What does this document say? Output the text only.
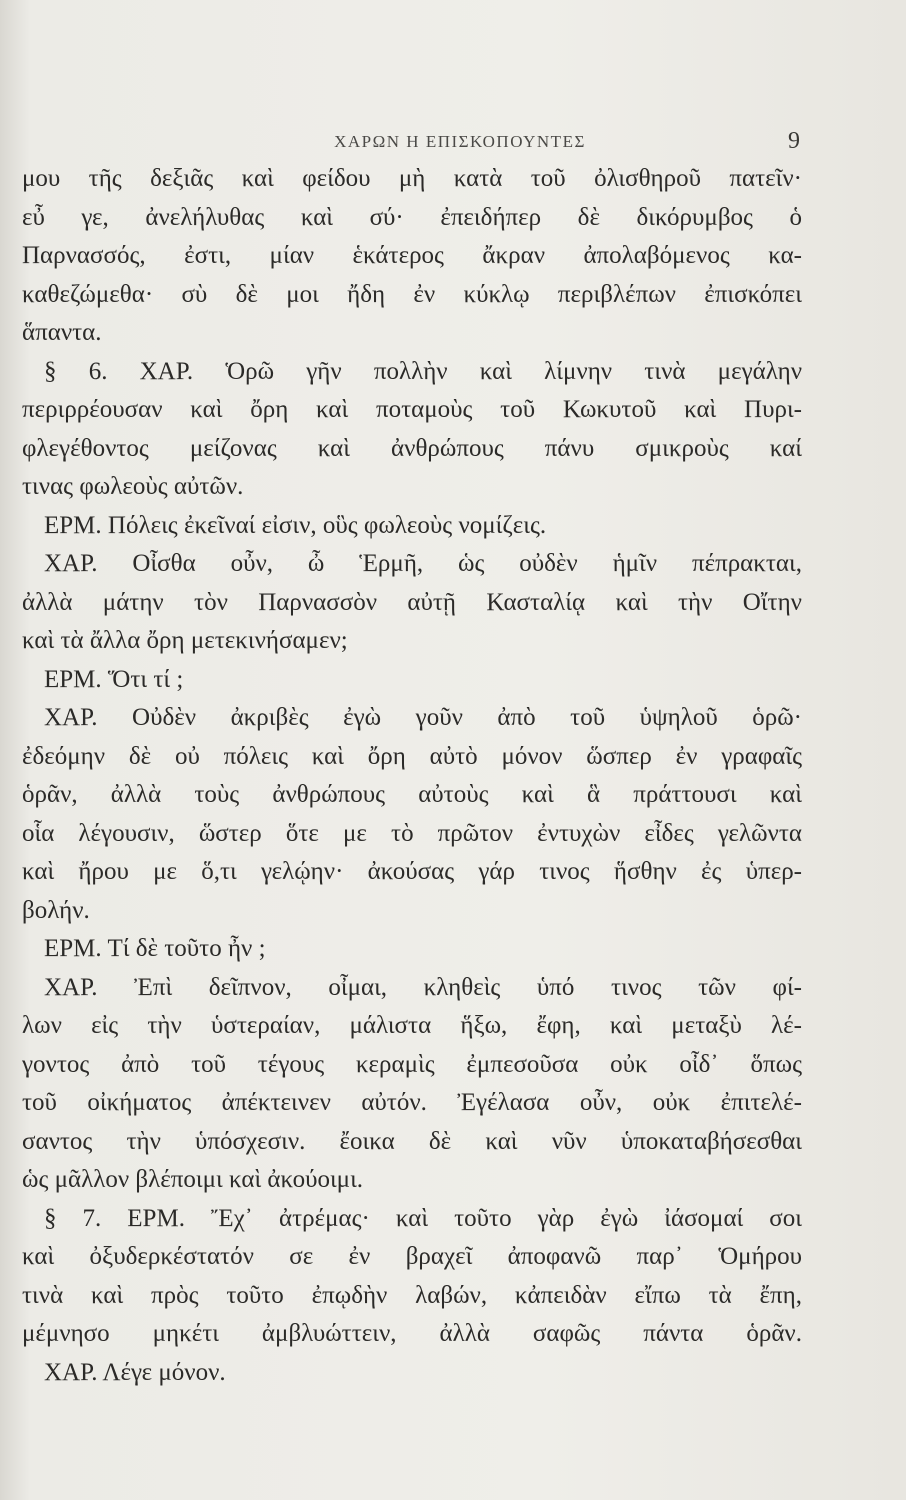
ΧΑΡΩΝ Η ΕΠΙΣΚΟΠΟΥΝΤΕΣ	9
μου τῆς δεξιᾶς καὶ φείδου μὴ κατὰ τοῦ ὀλισθηροῦ πατεῖν·
εὖ γε, ἀνελήλυθας καὶ σύ· ἐπειδήπερ δὲ δικόρυμβος ὁ
Παρνασσός, ἐστι, μίαν ἑκάτερος ἄκραν ἀπολαβόμενος κα-
καθεζώμεθα· σὺ δὲ μοι ἤδη ἐν κύκλῳ περιβλέπων ἐπισκόπει
ἅπαντα.
§ 6. ΧΑΡ. Ὁρῶ γῆν πολλὴν καὶ λίμνην τινὰ μεγάλην
περιρρέουσαν καὶ ὄρη καὶ ποταμοὺς τοῦ Κωκυτοῦ καὶ Πυρι-
φλεγέθοντος μείζονας καὶ ἀνθρώπους πάνυ σμικροὺς καί
τινας φωλεοὺς αὐτῶν.
ΕΡΜ. Πόλεις ἐκεῖναί εἰσιν, οὓς φωλεοὺς νομίζεις.
ΧΑΡ. Οἶσθα οὖν, ὦ Ἑρμῆ, ὡς οὐδὲν ἡμῖν πέπρακται,
ἀλλὰ μάτην τὸν Παρνασσὸν αὐτῇ Κασταλίᾳ καὶ τὴν Οἴτην
καὶ τὰ ἄλλα ὄρη μετεκινήσαμεν;
ΕΡΜ. Ὅτι τί ;
ΧΑΡ. Οὐδὲν ἀκριβὲς ἐγὼ γοῦν ἀπὸ τοῦ ὑψηλοῦ ὁρῶ·
ἐδεόμην δὲ οὐ πόλεις καὶ ὄρη αὐτὸ μόνον ὥσπερ ἐν γραφαῖς
ὁρᾶν, ἀλλὰ τοὺς ἀνθρώπους αὐτοὺς καὶ ἃ πράττουσι καὶ
οἷα λέγουσιν, ὥστερ ὅτε με τὸ πρῶτον ἐντυχὼν εἶδες γελῶντα
καὶ ἤρου με ὅ,τι γελῴην· ἀκούσας γάρ τινος ἥσθην ἐς ὑπερ-
βολήν.
ΕΡΜ. Τί δὲ τοῦτο ἦν ;
ΧΑΡ. Ἐπὶ δεῖπνον, οἶμαι, κληθεὶς ὑπό τινος τῶν φί-
λων εἰς τὴν ὑστεραίαν, μάλιστα ἥξω, ἔφη, καὶ μεταξὺ λέ-
γοντος ἀπὸ τοῦ τέγους κεραμὶς ἐμπεσοῦσα οὐκ οἶδ᾽ ὅπως
τοῦ οἰκήματος ἀπέκτεινεν αὐτόν. Ἐγέλασα οὖν, οὐκ ἐπιτελέ-
σαντος τὴν ὑπόσχεσιν. ἔοικα δὲ καὶ νῦν ὑποκαταβήσεσθαι
ὡς μᾶλλον βλέποιμι καὶ ἀκούοιμι.
§ 7. ΕΡΜ. Ἔχ᾽ ἀτρέμας· καὶ τοῦτο γὰρ ἐγὼ ἰάσομαί σοι
καὶ ὀξυδερκέστατόν σε ἐν βραχεῖ ἀποφανῶ παρ᾽ Ὁμήρου
τινὰ καὶ πρὸς τοῦτο ἐπῳδὴν λαβών, κἀπειδὰν εἴπω τὰ ἔπη,
μέμνησο μηκέτι ἀμβλυώττειν, ἀλλὰ σαφῶς πάντα ὁρᾶν.
ΧΑΡ. Λέγε μόνον.
